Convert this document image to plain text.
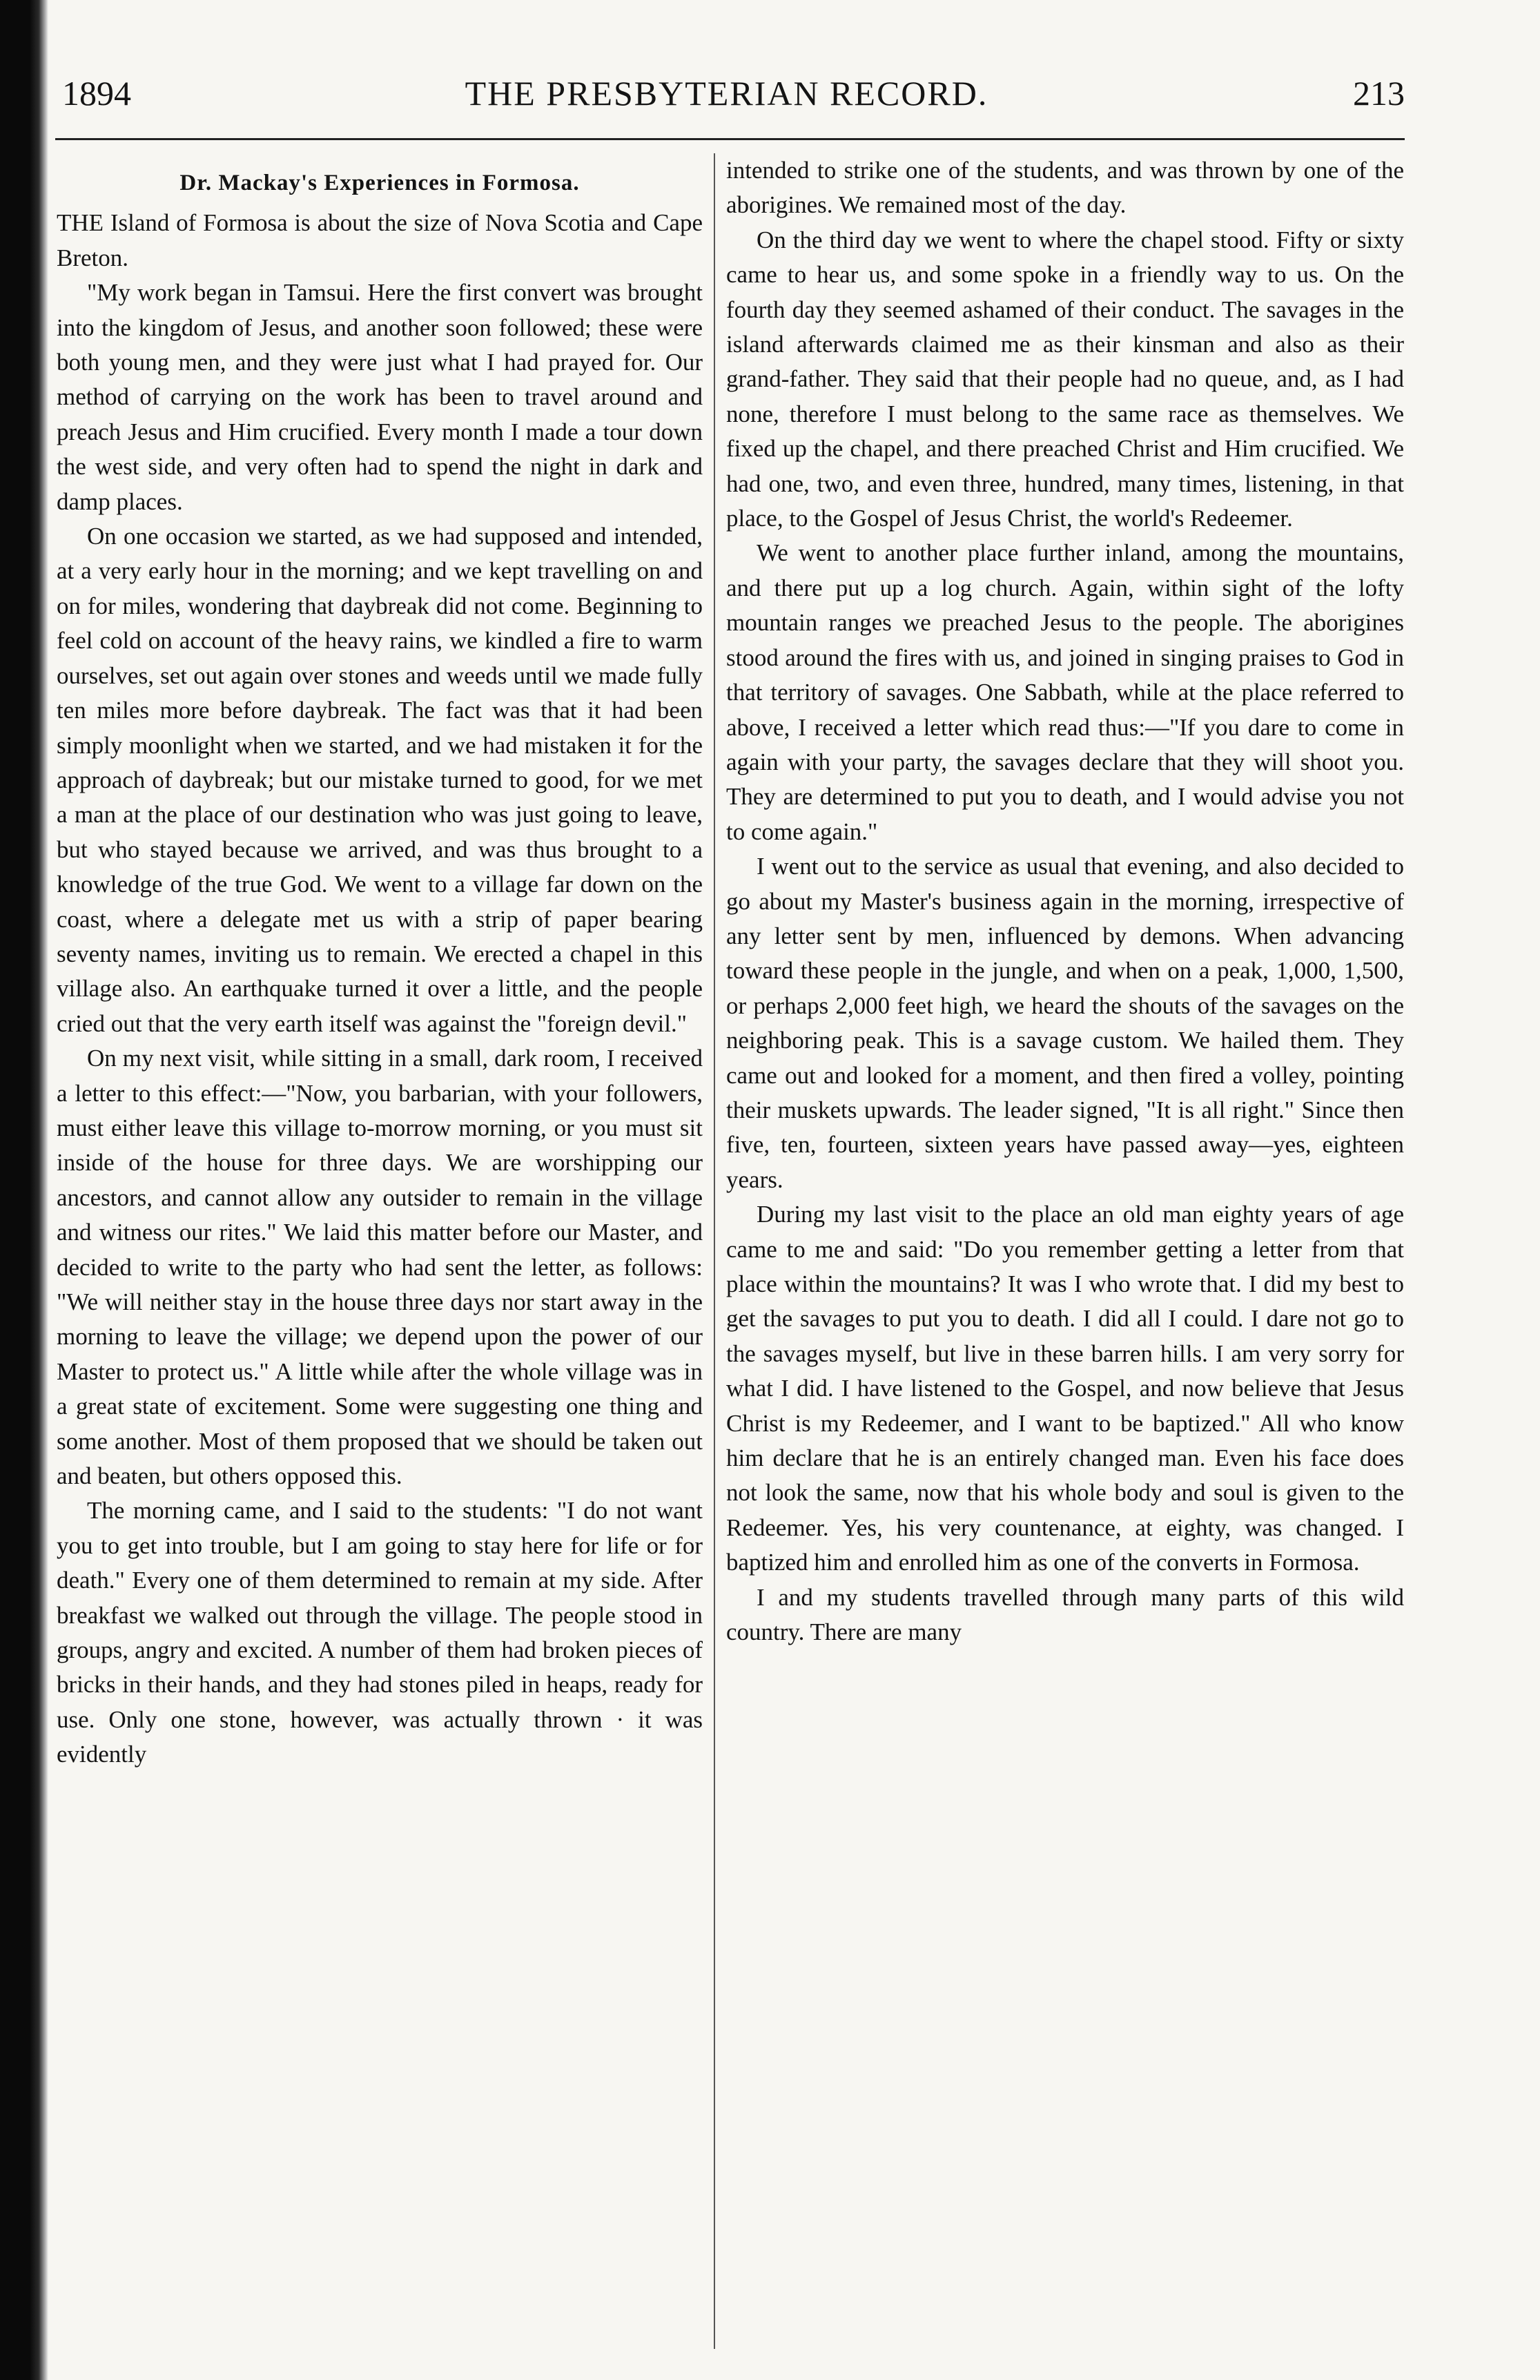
1894	THE PRESBYTERIAN RECORD.	213
Dr. Mackay's Experiences in Formosa.

THE Island of Formosa is about the size of Nova Scotia and Cape Breton.

"My work began in Tamsui. Here the first convert was brought into the kingdom of Jesus, and another soon followed; these were both young men, and they were just what I had prayed for. Our method of carrying on the work has been to travel around and preach Jesus and Him crucified. Every month I made a tour down the west side, and very often had to spend the night in dark and damp places.

On one occasion we started, as we had supposed and intended, at a very early hour in the morning; and we kept travelling on and on for miles, wondering that daybreak did not come. Beginning to feel cold on account of the heavy rains, we kindled a fire to warm ourselves, set out again over stones and weeds until we made fully ten miles more before daybreak. The fact was that it had been simply moonlight when we started, and we had mistaken it for the approach of daybreak; but our mistake turned to good, for we met a man at the place of our destination who was just going to leave, but who stayed because we arrived, and was thus brought to a knowledge of the true God. We went to a village far down on the coast, where a delegate met us with a strip of paper bearing seventy names, inviting us to remain. We erected a chapel in this village also. An earthquake turned it over a little, and the people cried out that the very earth itself was against the "foreign devil."

On my next visit, while sitting in a small, dark room, I received a letter to this effect:—"Now, you barbarian, with your followers, must either leave this village to-morrow morning, or you must sit inside of the house for three days. We are worshipping our ancestors, and cannot allow any outsider to remain in the village and witness our rites." We laid this matter before our Master, and decided to write to the party who had sent the letter, as follows: "We will neither stay in the house three days nor start away in the morning to leave the village; we depend upon the power of our Master to protect us." A little while after the whole village was in a great state of excitement. Some were suggesting one thing and some another. Most of them proposed that we should be taken out and beaten, but others opposed this.

The morning came, and I said to the students: "I do not want you to get into trouble, but I am going to stay here for life or for death." Every one of them determined to remain at my side. After breakfast we walked out through the village. The people stood in groups, angry and excited. A number of them had broken pieces of bricks in their hands, and they had stones piled in heaps, ready for use. Only one stone, however, was actually thrown · it was evidently

intended to strike one of the students, and was thrown by one of the aborigines. We remained most of the day.

On the third day we went to where the chapel stood. Fifty or sixty came to hear us, and some spoke in a friendly way to us. On the fourth day they seemed ashamed of their conduct. The savages in the island afterwards claimed me as their kinsman and also as their grand-father. They said that their people had no queue, and, as I had none, therefore I must belong to the same race as themselves. We fixed up the chapel, and there preached Christ and Him crucified. We had one, two, and even three, hundred, many times, listening, in that place, to the Gospel of Jesus Christ, the world's Redeemer.

We went to another place further inland, among the mountains, and there put up a log church. Again, within sight of the lofty mountain ranges we preached Jesus to the people. The aborigines stood around the fires with us, and joined in singing praises to God in that territory of savages. One Sabbath, while at the place referred to above, I received a letter which read thus:—"If you dare to come in again with your party, the savages declare that they will shoot you. They are determined to put you to death, and I would advise you not to come again."

I went out to the service as usual that evening, and also decided to go about my Master's business again in the morning, irrespective of any letter sent by men, influenced by demons. When advancing toward these people in the jungle, and when on a peak, 1,000, 1,500, or perhaps 2,000 feet high, we heard the shouts of the savages on the neighboring peak. This is a savage custom. We hailed them. They came out and looked for a moment, and then fired a volley, pointing their muskets upwards. The leader signed, "It is all right." Since then five, ten, fourteen, sixteen years have passed away—yes, eighteen years.

During my last visit to the place an old man eighty years of age came to me and said: "Do you remember getting a letter from that place within the mountains? It was I who wrote that. I did my best to get the savages to put you to death. I did all I could. I dare not go to the savages myself, but live in these barren hills. I am very sorry for what I did. I have listened to the Gospel, and now believe that Jesus Christ is my Redeemer, and I want to be baptized." All who know him declare that he is an entirely changed man. Even his face does not look the same, now that his whole body and soul is given to the Redeemer. Yes, his very countenance, at eighty, was changed. I baptized him and enrolled him as one of the converts in Formosa.

I and my students travelled through many parts of this wild country. There are many
